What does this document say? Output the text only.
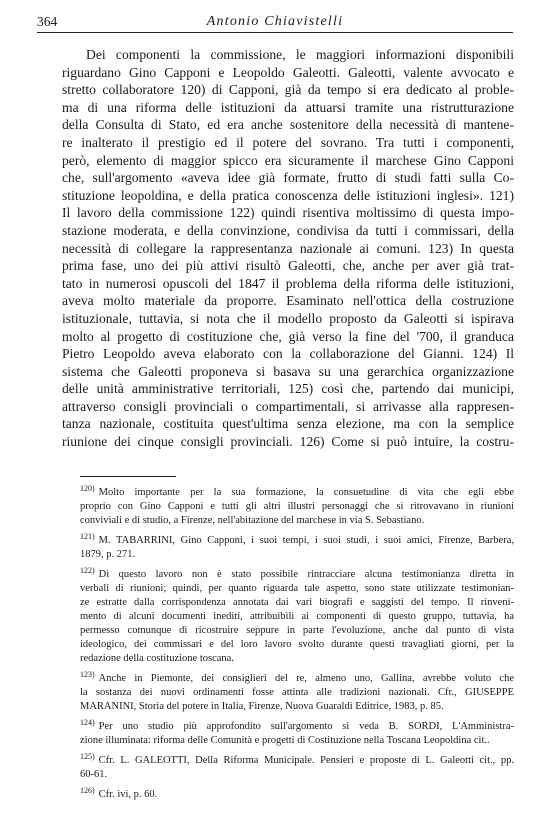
364	Antonio Chiavistelli
Dei componenti la commissione, le maggiori informazioni disponibili
riguardano Gino Capponi e Leopoldo Galeotti. Galeotti, valente avvocato e
stretto collaboratore 120) di Capponi, già da tempo si era dedicato al proble-
ma di una riforma delle istituzioni da attuarsi tramite una ristrutturazione
della Consulta di Stato, ed era anche sostenitore della necessità di mantene-
re inalterato il prestigio ed il potere del sovrano. Tra tutti i componenti,
però, elemento di maggior spicco era sicuramente il marchese Gino Capponi
che, sull'argomento «aveva idee già formate, frutto di studi fatti sulla Co-
stituzione leopoldina, e della pratica conoscenza delle istituzioni inglesi». 121)
Il lavoro della commissione 122) quindi risentiva moltissimo di questa impo-
stazione moderata, e della convinzione, condivisa da tutti i commissari, della
necessità di collegare la rappresentanza nazionale ai comuni. 123) In questa
prima fase, uno dei più attivi risultò Galeotti, che, anche per aver già trat-
tato in numerosi opuscoli del 1847 il problema della riforma delle istituzioni,
aveva molto materiale da proporre. Esaminato nell'ottica della costruzione
istituzionale, tuttavia, si nota che il modello proposto da Galeotti si ispirava
molto al progetto di costituzione che, già verso la fine del '700, il granduca
Pietro Leopoldo aveva elaborato con la collaborazione del Gianni. 124) Il
sistema che Galeotti proponeva si basava su una gerarchica organizzazione
delle unità amministrative territoriali, 125) così che, partendo dai municipi,
attraverso consigli provinciali o compartimentali, si arrivasse alla rappresen-
tanza nazionale, costituita quest'ultima senza elezione, ma con la semplice
riunione dei cinque consigli provinciali. 126) Come si può intuire, la costru-
$^{120)}$ Molto importante per la sua formazione, la consuetudine di vita che egli ebbe
proprio con Gino Capponi e tutti gli altri illustri personaggi che si ritrovavano in riunioni
conviviali e di studio, a Firenze, nell'abitazione del marchese in via S. Sebastiano.
$^{121)}$ M. TABARRINI, Gino Capponi, i suoi tempi, i suoi studi, i suoi amici, Firenze, Barbera,
1879, p. 271.
$^{122)}$ Di questo lavoro non è stato possibile rintracciare alcuna testimonianza diretta in
verbali di riunioni; quindi, per quanto riguarda tale aspetto, sono state utilizzate testimonian-
ze estratte dalla corrispondenza annotata dai vari biografi e saggisti del tempo. Il rinveni-
mento di alcuni documenti inediti, attribuibili ai componenti di questo gruppo, tuttavia, ha
permesso comunque di ricostruire seppure in parte l'evoluzione, anche dal punto di vista
ideologico, dei commissari e del loro lavoro svolto durante questi travagliati giorni, per la
redazione della costituzione toscana.
$^{123)}$ Anche in Piemonte, dei consiglieri del re, almeno uno, Gallina, avrebbe voluto che
la sostanza dei nuovi ordinamenti fosse attinta alle tradizioni nazionali. Cfr., GIUSEPPE
MARANINI, Storia del potere in Italia, Firenze, Nuova Guaraldi Editrice, 1983, p. 85.
$^{124)}$ Per uno studio più approfondito sull'argomento si veda B. SORDI, L'Amministra-
zione illuminata: riforma delle Comunità e progetti di Costituzione nella Toscana Leopoldina cit..
$^{125)}$ Cfr. L. GALEOTTI, Della Riforma Municipale. Pensieri e proposte di L. Galeotti cit., pp.
60-61.
$^{126)}$ Cfr. ivi, p. 60.
